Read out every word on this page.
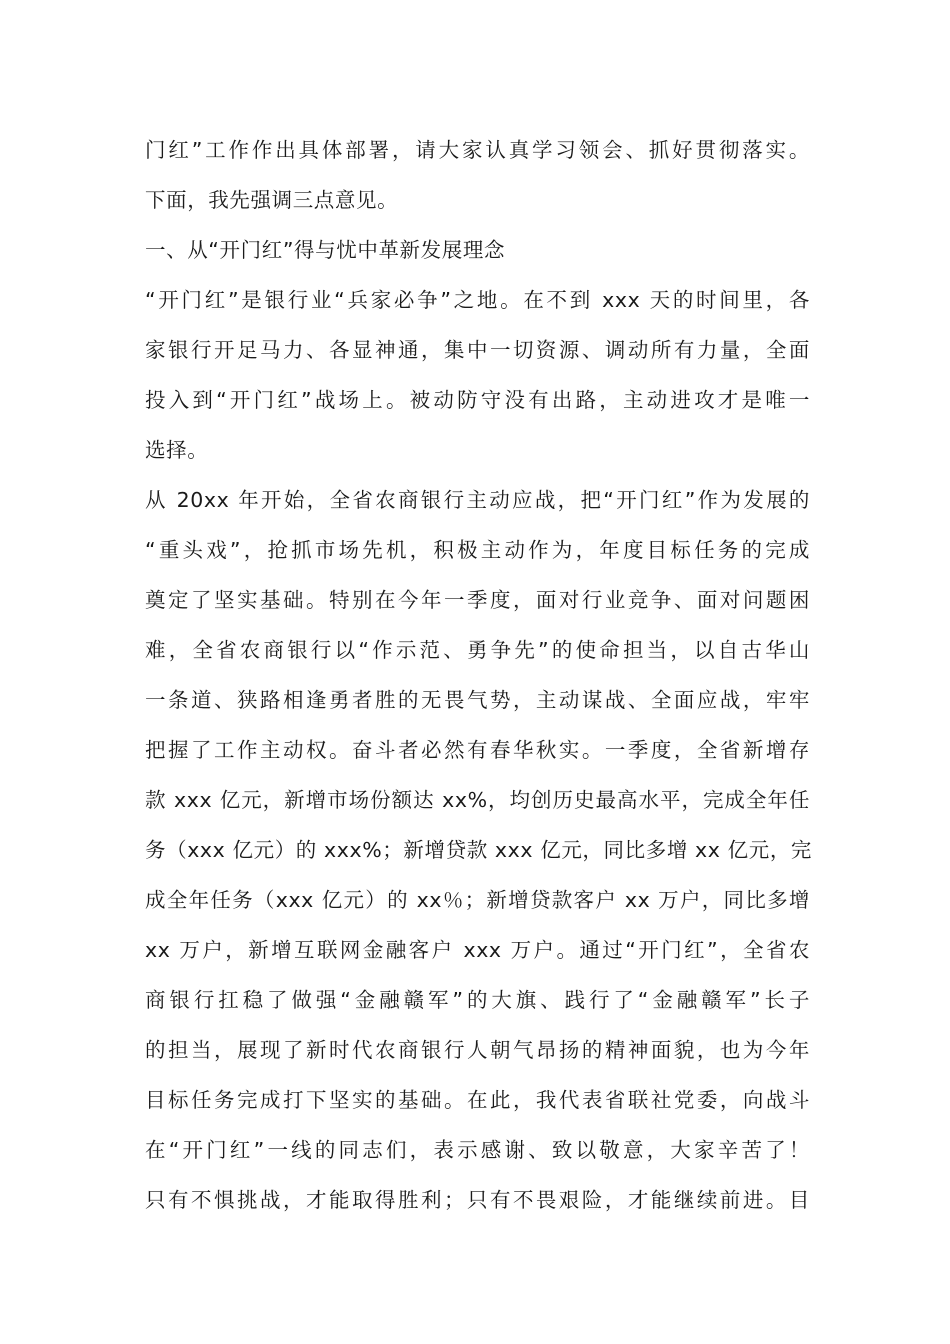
门红”工作作出具体部署，请大家认真学习领会、抓好贯彻落实。
下面，我先强调三点意见。
一、从“开门红”得与忧中革新发展理念
“开门红”是银行业“兵家必争”之地。在不到 xxx 天的时间里，各
家银行开足马力、各显神通，集中一切资源、调动所有力量，全面
投入到“开门红”战场上。被动防守没有出路，主动进攻才是唯一
选择。
从 20xx 年开始，全省农商银行主动应战，把“开门红”作为发展的
“重头戏”，抢抓市场先机，积极主动作为，年度目标任务的完成
奠定了坚实基础。特别在今年一季度，面对行业竞争、面对问题困
难，全省农商银行以“作示范、勇争先”的使命担当，以自古华山
一条道、狭路相逢勇者胜的无畏气势，主动谋战、全面应战，牢牢
把握了工作主动权。奋斗者必然有春华秋实。一季度，全省新增存
款 xxx 亿元，新增市场份额达 xx%，均创历史最高水平，完成全年任
务（xxx 亿元）的 xxx%；新增贷款 xxx 亿元，同比多增 xx 亿元，完
成全年任务（xxx 亿元）的 xx％；新增贷款客户 xx 万户，同比多增
xx 万户，新增互联网金融客户 xxx 万户。通过“开门红”，全省农
商银行扛稳了做强“金融赣军”的大旗、践行了“金融赣军”长子
的担当，展现了新时代农商银行人朝气昂扬的精神面貌，也为今年
目标任务完成打下坚实的基础。在此，我代表省联社党委，向战斗
在“开门红”一线的同志们，表示感谢、致以敬意，大家辛苦了！
只有不惧挑战，才能取得胜利；只有不畏艰险，才能继续前进。目
